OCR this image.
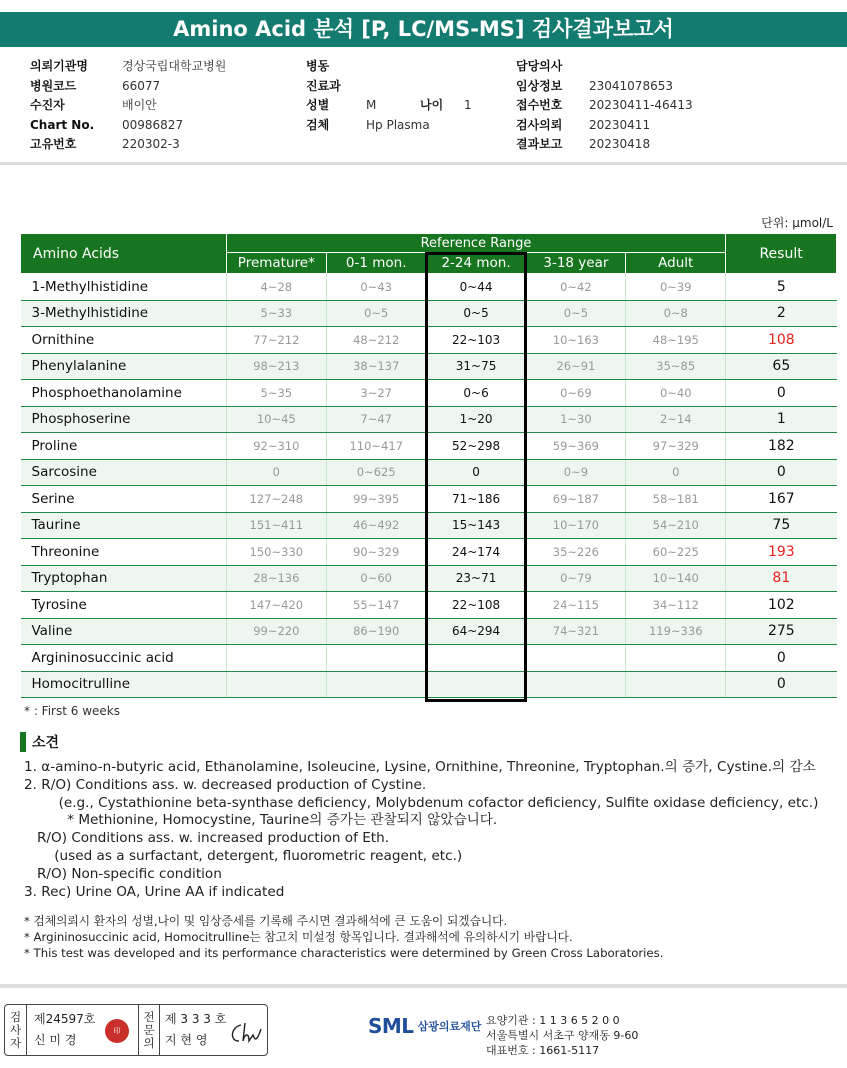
Amino Acid 분석 [P, LC/MS-MS] 검사결과보고서
의뢰기관명	경상국립대학교병원
병원코드	66077
수진자	배이안
Chart No.	00986827
고유번호	220302-3
병동
진료과
성별	M	나이	1
검체	Hp Plasma
담당의사
임상정보	23041078653
접수번호	20230411-46413
검사의뢰	20230411
결과보고	20230418
단위: μmol/L
Amino Acids	Reference Range					Result
	Premature*	0-1 mon.	2-24 mon.	3-18 year	Adult	
1-Methylhistidine	4~28	0~43	0~44	0~42	0~39	5
3-Methylhistidine	5~33	0~5	0~5	0~5	0~8	2
Ornithine	77~212	48~212	22~103	10~163	48~195	108
Phenylalanine	98~213	38~137	31~75	26~91	35~85	65
Phosphoethanolamine	5~35	3~27	0~6	0~69	0~40	0
Phosphoserine	10~45	7~47	1~20	1~30	2~14	1
Proline	92~310	110~417	52~298	59~369	97~329	182
Sarcosine	0	0~625	0	0~9	0	0
Serine	127~248	99~395	71~186	69~187	58~181	167
Taurine	151~411	46~492	15~143	10~170	54~210	75
Threonine	150~330	90~329	24~174	35~226	60~225	193
Tryptophan	28~136	0~60	23~71	0~79	10~140	81
Tyrosine	147~420	55~147	22~108	24~115	34~112	102
Valine	99~220	86~190	64~294	74~321	119~336	275
Argininosuccinic acid						0
Homocitrulline						0
* : First 6 weeks
소견
1. α-amino-n-butyric acid, Ethanolamine, Isoleucine, Lysine, Ornithine, Threonine, Tryptophan.의 증가, Cystine.의 감소
2. R/O) Conditions ass. w. decreased production of Cystine.
(e.g., Cystathionine beta-synthase deficiency, Molybdenum cofactor deficiency, Sulfite oxidase deficiency, etc.)
* Methionine, Homocystine, Taurine의 증가는 관찰되지 않았습니다.
R/O) Conditions ass. w. increased production of Eth.
(used as a surfactant, detergent, fluorometric reagent, etc.)
R/O) Non-specific condition
3. Rec) Urine OA, Urine AA if indicated
* 검체의뢰시 환자의 성별,나이 및 임상증세를 기록해 주시면 결과해석에 큰 도움이 되겠습니다.
* Argininosuccinic acid, Homocitrulline는 참고치 미설정 항목입니다. 결과해석에 유의하시기 바랍니다.
* This test was developed and its performance characteristics were determined by Green Cross Laboratories.
검
사
자
제24597호
신 미 경
印
전
문
의
제 3 3 3 호
지 현 영
SML 삼광의료재단 요양기관 : 1 1 3 6 5 2 0 0
서울특별시 서초구 양재동 9-60
대표번호 : 1661-5117
